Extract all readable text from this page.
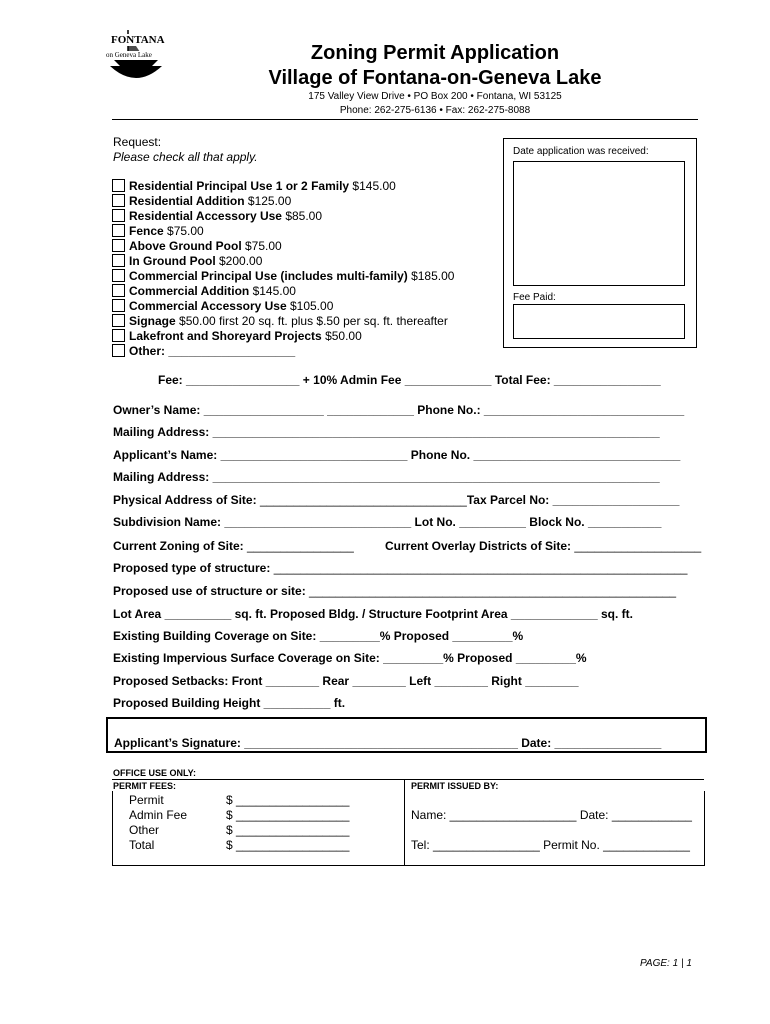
FONTANA
on Geneva Lake	Zoning Permit Application
Village of Fontana-on-Geneva Lake
175 Valley View Drive • PO Box 200 • Fontana, WI 53125
Phone: 262-275-6136 • Fax: 262-275-8088
Request:
Please check all that apply.
Residential Principal Use 1 or 2 Family $145.00
Residential Addition $125.00
Residential Accessory Use $85.00
Fence $75.00
Above Ground Pool $75.00
In Ground Pool $200.00
Commercial Principal Use (includes multi-family) $185.00
Commercial Addition $145.00
Commercial Accessory Use $105.00
Signage $50.00 first 20 sq. ft. plus $.50 per sq. ft. thereafter
Lakefront and Shoreyard Projects $50.00
Other: ___________________
Date application was received:
Fee Paid:
Fee: _________________ + 10% Admin Fee _____________ Total Fee: ________________
Owner’s Name: __________________ _____________ Phone No.: ______________________________
Mailing Address: ___________________________________________________________________
Applicant’s Name: ____________________________ Phone No. _______________________________
Mailing Address: ___________________________________________________________________
Physical Address of Site: _______________________________Tax Parcel No: ___________________
Subdivision Name: ____________________________ Lot No. __________ Block No. ___________
Current Zoning of Site: ________________	Current Overlay Districts of Site: ___________________
Proposed type of structure: ______________________________________________________________
Proposed use of structure or site: _______________________________________________________
Lot Area __________ sq. ft. Proposed Bldg. / Structure Footprint Area _____________ sq. ft.
Existing Building Coverage on Site: _________% Proposed _________%
Existing Impervious Surface Coverage on Site: _________% Proposed _________%
Proposed Setbacks: Front ________ Rear ________ Left ________ Right ________
Proposed Building Height __________ ft.
Applicant’s Signature: _________________________________________ Date: ________________
OFFICE USE ONLY:
PERMIT FEES:	PERMIT ISSUED BY:
Permit	$ _________________
Admin Fee	$ _________________
Other	$ _________________
Total	$ _________________
Name: ___________________ Date: ____________
Tel: ________________ Permit No. _____________
PAGE: 1 | 1
